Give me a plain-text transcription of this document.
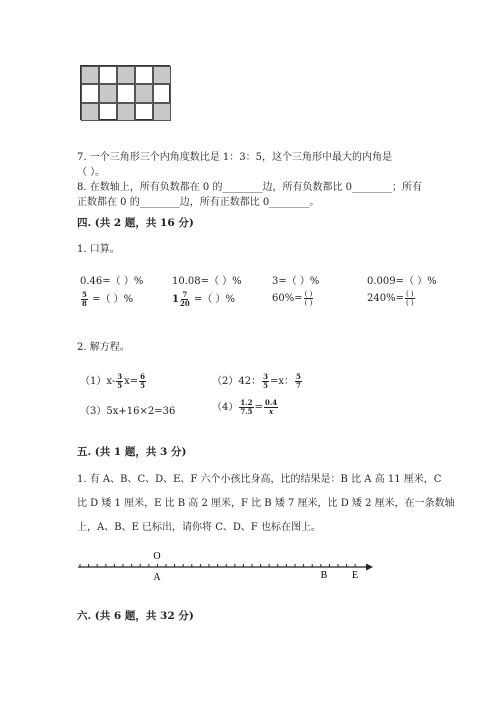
7. 一个三角形三个内角度数比是 1：3：5，这个三角形中最大的内角是
（ ）。
8. 在数轴上，所有负数都在 0 的________边，所有负数都比 0________；所有
正数都在 0 的________边，所有正数都比 0________。
四. (共 2 题，共 16 分)
1. 口算。
0.46=（ ）%	10.08=（ ）%	3=（ ）%	0.009=（ ）%
$\frac{5}{8}$ =（ ）%	$1 \frac{7}{20}$ =（ ）%	$60\%= \frac{( )}{( )}$	$240\%= \frac{( )}{( )}$
2. 解方程。
$(1)x- \frac{3}{5} x= \frac{6}{5}$	（2）42： $\frac{3}{5} =x$： $\frac{5}{7}$
（3）5x+16×2=36	$(4) \frac{1.2}{7.5} = \frac{0.4}{x}$
五. (共 1 题，共 3 分)
1. 有 A、B、C、D、E、F 六个小孩比身高，比的结果是：B 比 A 高 11 厘米，C
比 D 矮 1 厘米，E 比 B 高 2 厘米，F 比 B 矮 7 厘米，比 D 矮 2 厘米，在一条数轴
上，A、B、E 已标出，请你将 C、D、F 也标在图上。
O
A	B E
六. (共 6 题，共 32 分)
